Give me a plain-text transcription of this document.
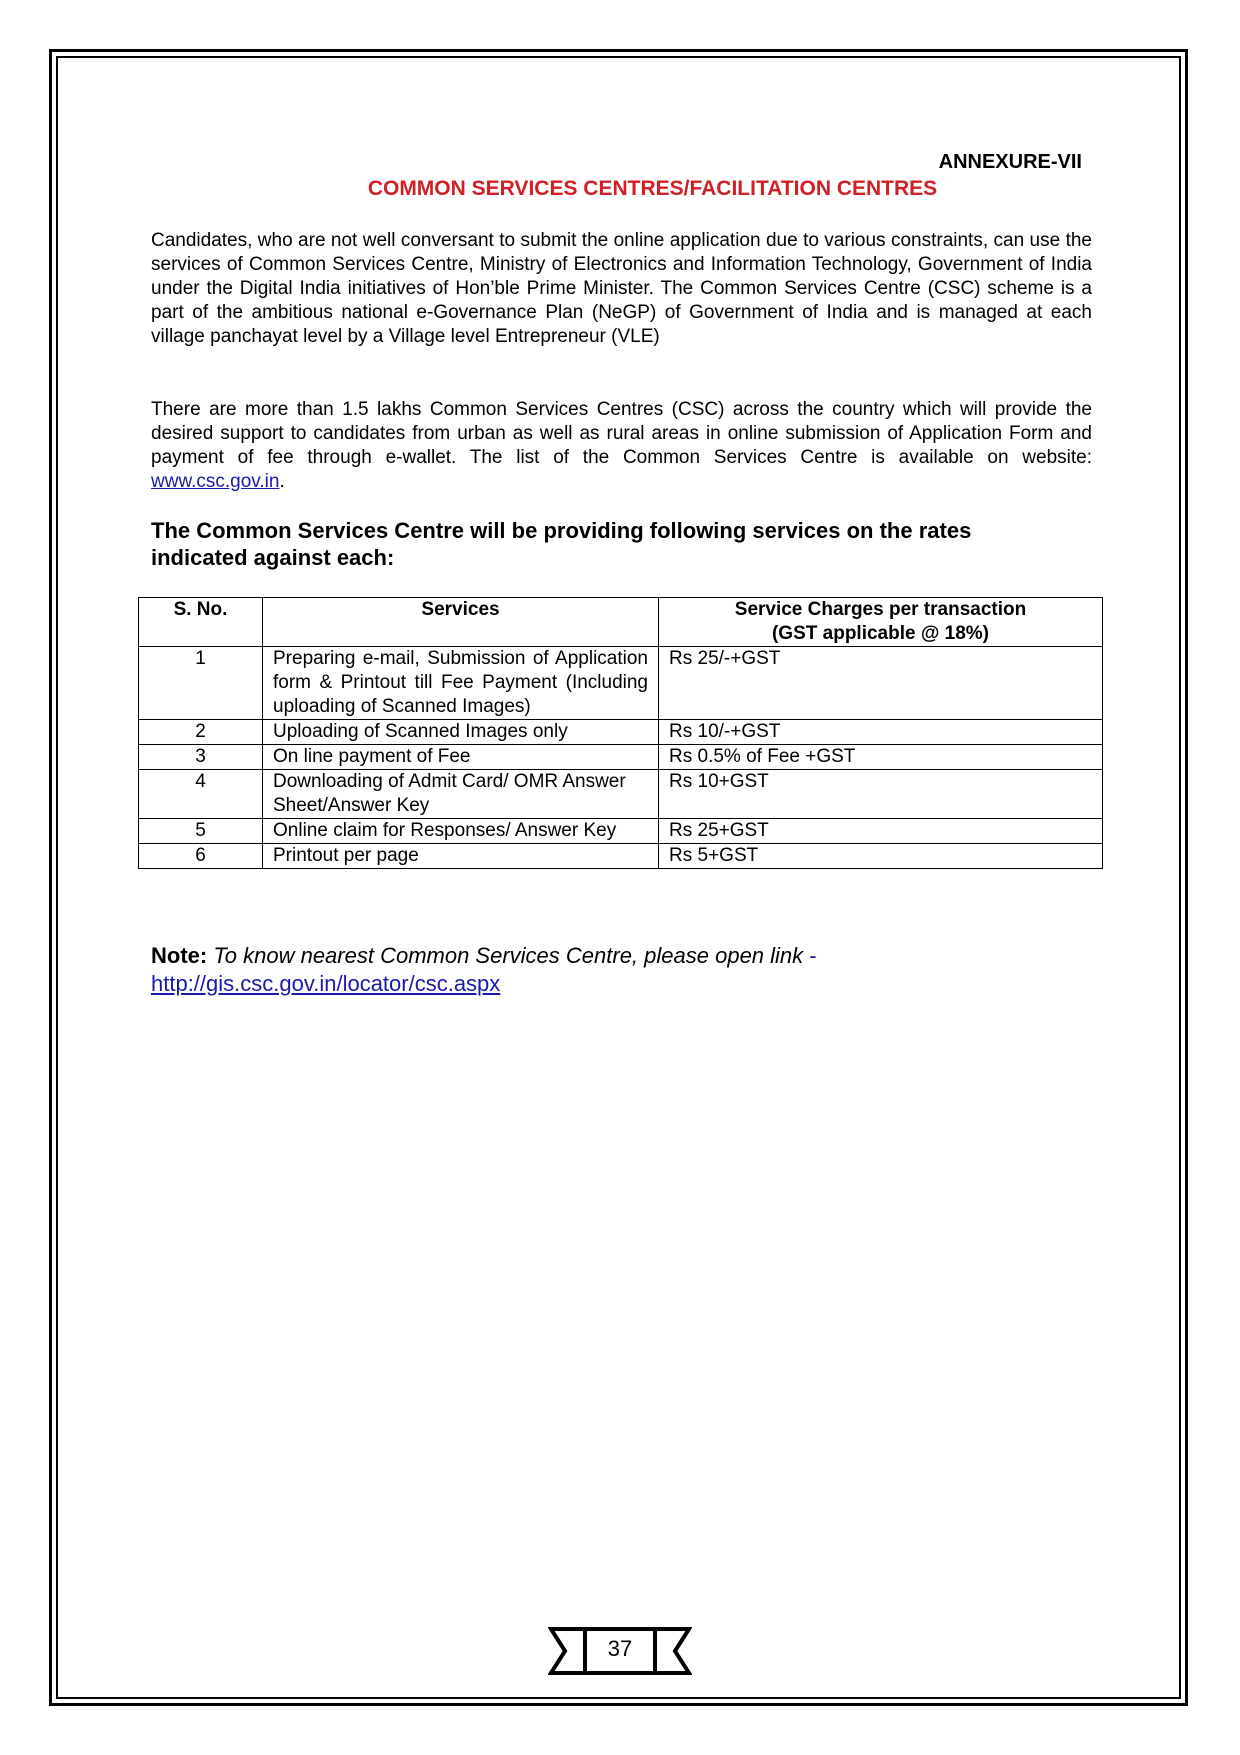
ANNEXURE-VII
COMMON SERVICES CENTRES/FACILITATION CENTRES

Candidates, who are not well conversant to submit the online application due to various constraints, can use the services of Common Services Centre, Ministry of Electronics and Information Technology, Government of India under the Digital India initiatives of Hon’ble Prime Minister. The Common Services Centre (CSC) scheme is a part of the ambitious national e-Governance Plan (NeGP) of Government of India and is managed at each village panchayat level by a Village level Entrepreneur (VLE)

There are more than 1.5 lakhs Common Services Centres (CSC) across the country which will provide the desired support to candidates from urban as well as rural areas in online submission of Application Form and payment of fee through e-wallet. The list of the Common Services Centre is available on website: www.csc.gov.in.

The Common Services Centre will be providing following services on the rates indicated against each:

S. No.	Services	Service Charges per transaction
(GST applicable @ 18%)
1	Preparing e-mail, Submission of Application form & Printout till Fee Payment (Including uploading of Scanned Images)	Rs 25/-+GST
2	Uploading of Scanned Images only	Rs 10/-+GST
3	On line payment of Fee	Rs 0.5% of Fee +GST
4	Downloading of Admit Card/ OMR Answer Sheet/Answer Key	Rs 10+GST
5	Online claim for Responses/ Answer Key	Rs 25+GST
6	Printout per page	Rs 5+GST

Note: To know nearest Common Services Centre, please open link -
http://gis.csc.gov.in/locator/csc.aspx

37
